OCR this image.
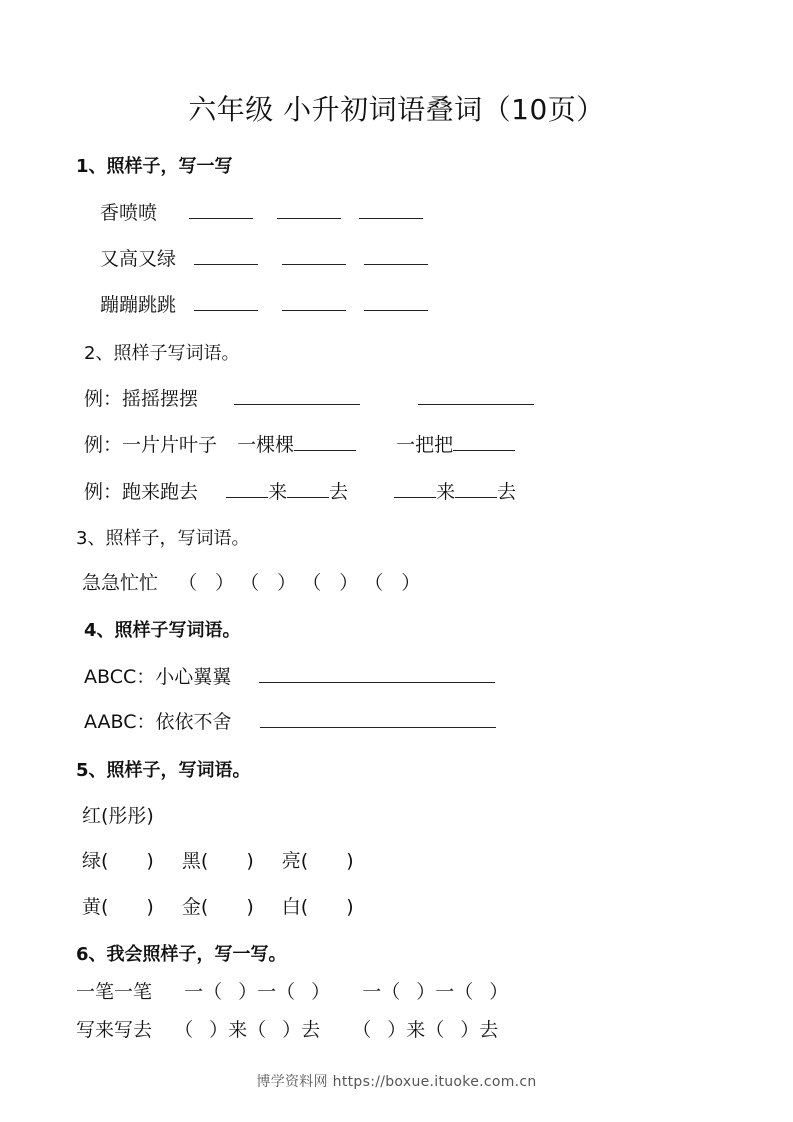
六年级 小升初词语叠词（10页）
1、照样子，写一写
香喷喷
又高又绿
蹦蹦跳跳
2、照样子写词语。
例：摇摇摆摆
例：一片片叶子 一棵棵	一把把
例：跑来跑去	来 去	来 去
3、照样子，写词语。
急急忙忙 （ ） （ ） （ ） （ ）
4、照样子写词语。
ABCC：小心翼翼
AABC：依依不舍
5、照样子，写词语。
红(彤彤)
绿( ) 黑( ) 亮( )
黄( ) 金( ) 白( )
6、我会照样子，写一写。
一笔一笔 一（ ）一（ ） 一（ ）一（ ）
写来写去 （ ）来（ ）去 （ ）来（ ）去
博学资料网 https://boxue.ituoke.com.cn
